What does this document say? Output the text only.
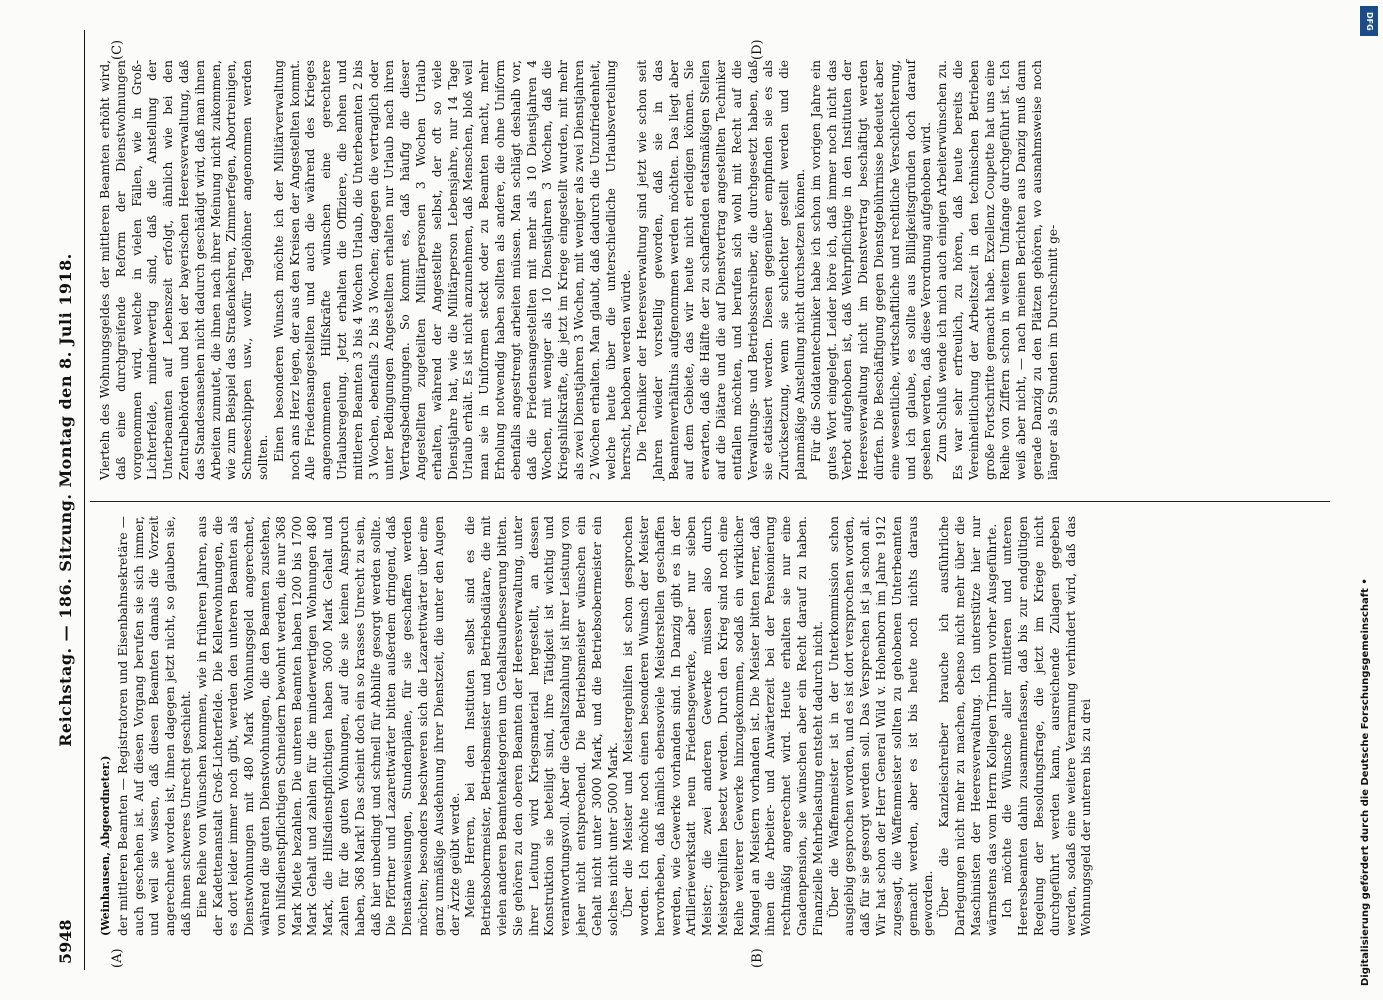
5948
Reichstag. — 186. Sitzung. Montag den 8. Juli 1918.
(A)	(B)
(C)	(D)
(Weinhausen, Abgeordneter.) der mittleren Beamten — Registratoren und Eisenbahnsekretäre — auch geschehen ist. Auf diesen Vorgang berufen sie sich immer, und weil sie wissen, daß diesen Beamten damals die Vorzeit angerechnet worden ist, ihnen dagegen jetzt nicht, so glauben sie, daß ihnen schweres Unrecht geschieht. Eine Reihe von Wünschen kommen, wie in früheren Jahren, aus der Kadettenanstalt Groß-Lichterfelde. Die Kellerwohnungen, die es dort leider immer noch gibt, werden den unteren Beamten als Dienstwohnungen mit 480 Mark Wohnungsgeld angerechnet, während die guten Dienstwohnungen, die den Beamten zustehen, von hilfsdienstpflichtigen Schneidern bewohnt werden, die nur 368 Mark Miete bezahlen. Die unteren Beamten haben 1200 bis 1700 Mark Gehalt und zahlen für die minderwertigen Wohnungen 480 Mark, die Hilfsdienstpflichtigen haben 3600 Mark Gehalt und zahlen für die guten Wohnungen, auf die sie keinen Anspruch haben, 368 Mark! Das scheint doch ein so krasses Unrecht zu sein, daß hier unbedingt und schnell für Abhilfe gesorgt werden sollte. Die Pförtner und Lazarettwärter bitten außerdem dringend, daß Dienstanweisungen, Stundenpläne, für sie geschaffen werden möchten; besonders beschweren sich die Lazarettwärter über eine ganz unmäßige Ausdehnung ihrer Dienstzeit, die unter den Augen der Ärzte geübt werde. Meine Herren, bei den Instituten selbst sind es die Betriebsobermeister, Betriebsmeister und Betriebsdiätare, die mit vielen anderen Beamtenkategorien um Gehaltsaufbesserung bitten. Sie gehören zu den oberen Beamten der Heeresverwaltung, unter ihrer Leitung wird Kriegsmaterial hergestellt, an dessen Konstruktion sie beteiligt sind, ihre Tätigkeit ist wichtig und verantwortungsvoll. Aber die Gehaltszahlung ist ihrer Leistung von jeher nicht entsprechend. Die Betriebsmeister wünschen ein Gehalt nicht unter 3000 Mark, und die Betriebsobermeister ein solches nicht unter 5000 Mark. Über die Meister und Meistergehilfen ist schon gesprochen worden. Ich möchte noch einen besonderen Wunsch der Meister hervorheben, daß nämlich ebensoviele Meisterstellen geschaffen werden, wie Gewerke vorhanden sind. In Danzig gibt es in der Artilleriewerkstatt neun Friedensgewerke, aber nur sieben Meister; die zwei anderen Gewerke müssen also durch Meistergehilfen besetzt werden. Durch den Krieg sind noch eine Reihe weiterer Gewerke hinzugekommen, sodaß ein wirklicher Mangel an Meistern vorhanden ist. Die Meister bitten ferner, daß ihnen die Arbeiter- und Anwärterzeit bei der Pensionierung rechtmäßig angerechnet wird. Heute erhalten sie nur eine Gnadenpension, sie wünschen aber ein Recht darauf zu haben. Finanzielle Mehrbelastung entsteht dadurch nicht. Über die Waffenmeister ist in der Unterkommission schon ausgiebig gesprochen worden, und es ist dort versprochen worden, daß für sie gesorgt werden soll. Das Versprechen ist ja schon alt. Wir hat schon der Herr General Wild v. Hohenborn im Jahre 1912 zugesagt, die Waffenmeister sollten zu gehobenen Unterbeamten gemacht werden, aber es ist bis heute noch nichts daraus geworden. Über die Kanzleischreiber brauche ich ausführliche Darlegungen nicht mehr zu machen, ebenso nicht mehr über die Maschinisten der Heeresverwaltung. Ich unterstütze hier nur wärmstens das vom Herrn Kollegen Trimborn vorher Ausgeführte. Ich möchte die Wünsche aller mittleren und unteren Heeresbeamten dahin zusammenfassen, daß bis zur endgültigen Regelung der Besoldungsfrage, die jetzt im Kriege nicht durchgeführt werden kann, ausreichende Zulagen gegeben werden, sodaß eine weitere Verarmung verhindert wird, daß das Wohnungsgeld der unteren bis zu drei

Vierteln des Wohnungsgeldes der mittleren Beamten erhöht wird, daß eine durchgreifende Reform der Dienstwohnungen vorgenommen wird, welche in vielen Fällen, wie in Groß-Lichterfelde, minderwertig sind, daß die Anstellung der Unterbeamten auf Lebenszeit erfolgt, ähnlich wie bei den Zentralbehörden und bei der bayerischen Heeresverwaltung, daß das Standesansehen nicht dadurch geschädigt wird, daß man ihnen Arbeiten zumutet, die ihnen nach ihrer Meinung nicht zukommen, wie zum Beispiel das Straßenkehren, Zimmerfegen, Abortreinigen, Schneeschippen usw., wofür Tagelöhner angenommen werden sollten. Einen besonderen Wunsch möchte ich der Militärverwaltung noch ans Herz legen, der aus den Kreisen der Angestellten kommt. Alle Friedensangestellten und auch die während des Krieges angenommenen Hilfskräfte wünschen eine gerechtere Urlaubsregelung. Jetzt erhalten die Offiziere, die hohen und mittleren Beamten 3 bis 4 Wochen Urlaub, die Unterbeamten 2 bis 3 Wochen, ebenfalls 2 bis 3 Wochen; dagegen die vertraglich oder unter Bedingungen Angestellten erhalten nur Urlaub nach ihren Vertragsbedingungen. So kommt es, daß häufig die dieser Angestellten zugeteilten Militärpersonen 3 Wochen Urlaub erhalten, während der Angestellte selbst, der oft so viele Dienstjahre hat, wie die Militärperson Lebensjahre, nur 14 Tage Urlaub erhält. Es ist nicht anzunehmen, daß Menschen, bloß weil man sie in Uniformen steckt oder zu Beamten macht, mehr Erholung notwendig haben sollten als andere, die ohne Uniform ebenfalls angestrengt arbeiten müssen. Man schlägt deshalb vor, daß die Friedensangestellten mit mehr als 10 Dienstjahren 4 Wochen, mit weniger als 10 Dienstjahren 3 Wochen, daß die Kriegshilfskräfte, die jetzt im Kriege eingestellt wurden, mit mehr als zwei Dienstjahren 3 Wochen, mit weniger als zwei Dienstjahren 2 Wochen erhalten. Man glaubt, daß dadurch die Unzufriedenheit, welche heute über die unterschiedliche Urlaubsverteilung herrscht, behoben werden würde. Die Techniker der Heeresverwaltung sind jetzt wie schon seit Jahren wieder vorstellig geworden, daß sie in das Beamtenverhältnis aufgenommen werden möchten. Das liegt aber auf dem Gebiete, das wir heute nicht erledigen können. Sie erwarten, daß die Hälfte der zu schaffenden etatsmäßigen Stellen auf die Diätare und die auf Dienstvertrag angestellten Techniker entfallen möchten, und berufen sich wohl mit Recht auf die Verwaltungs- und Betriebsschreiber, die durchgesetzt haben, daß sie etatisiert werden. Diesen gegenüber empfinden sie es als Zurücksetzung, wenn sie schlechter gestellt werden und die planmäßige Anstellung nicht durchsetzen können. Für die Soldatentechniker habe ich schon im vorigen Jahre ein gutes Wort eingelegt. Leider höre ich, daß immer noch nicht das Verbot aufgehoben ist, daß Wehrpflichtige in den Instituten der Heeresverwaltung nicht im Dienstvertrag beschäftigt werden dürfen. Die Beschäftigung gegen Dienstgebührnisse bedeutet aber eine wesentliche, wirtschaftliche und rechtliche Verschlechterung, und ich glaube, es sollte aus Billigkeitsgründen doch darauf gesehen werden, daß diese Verordnung aufgehoben wird. Zum Schluß wende ich mich auch einigen Arbeiterwünschen zu. Es war sehr erfreulich, zu hören, daß heute bereits die Vereinheitlichung der Arbeitszeit in den technischen Betrieben große Fortschritte gemacht habe. Exzellenz Coupette hat uns eine Reihe von Ziffern schon in weitem Umfange durchgeführt ist. Ich weiß aber nicht, — nach meinen Berichten aus Danzig muß dann gerade Danzig zu den Plätzen gehören, wo ausnahmsweise noch länger als 9 Stunden im Durchschnitt ge-

DFG
Digitalisierung gefördert durch die Deutsche Forschungsgemeinschaft •
